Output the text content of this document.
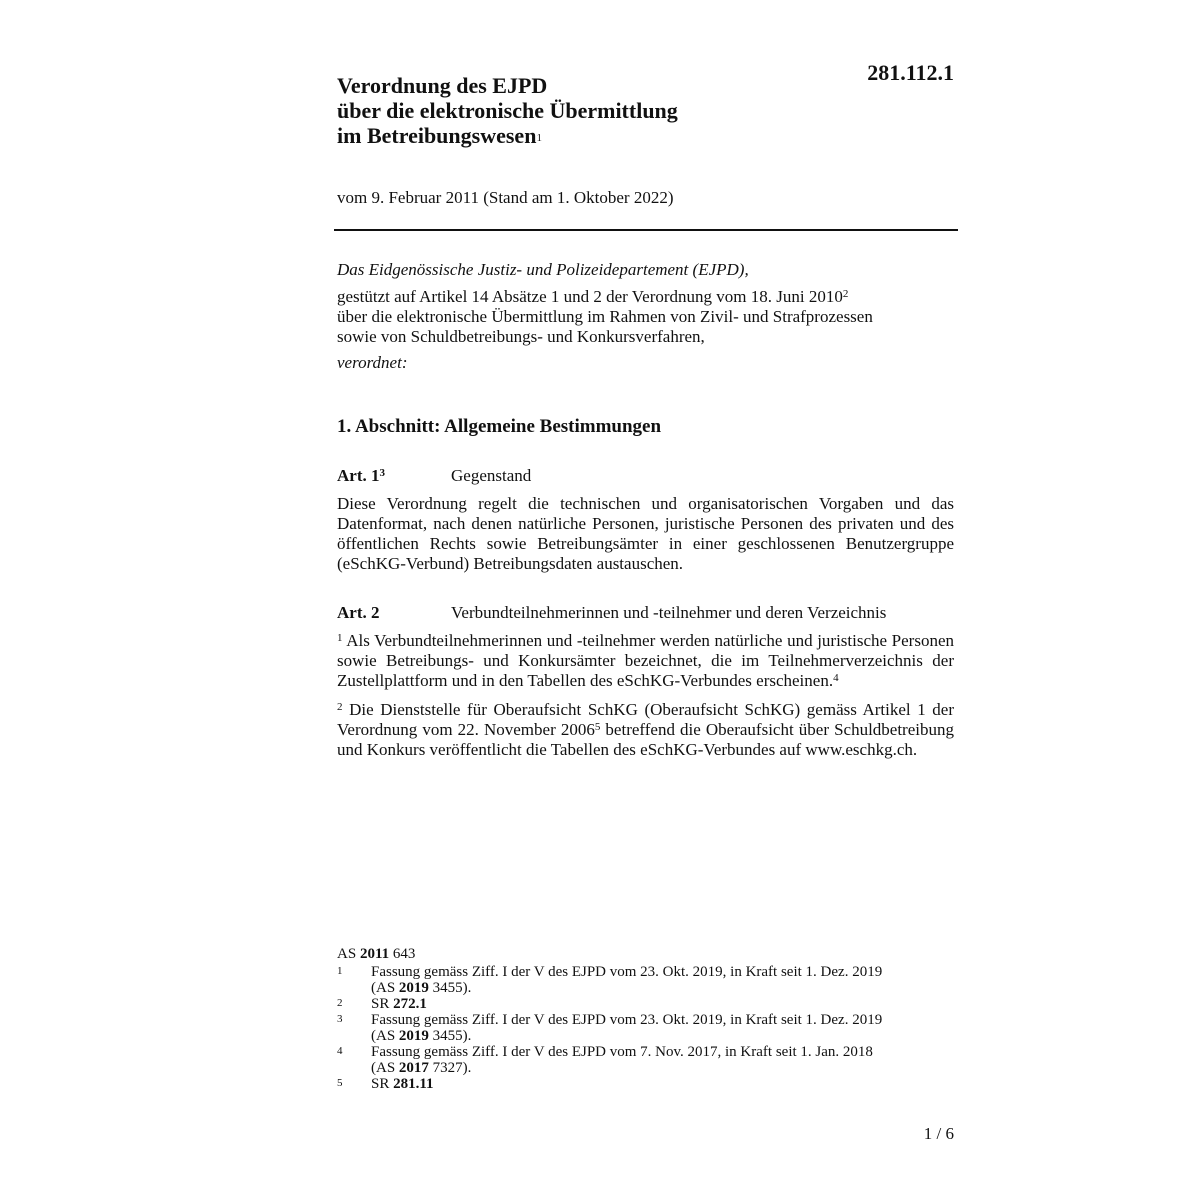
281.112.1
Verordnung des EJPD
über die elektronische Übermittlung
im Betreibungswesen$^1$
vom 9. Februar 2011 (Stand am 1. Oktober 2022)
Das Eidgenössische Justiz- und Polizeidepartement (EJPD),
gestützt auf Artikel 14 Absätze 1 und 2 der Verordnung vom 18. Juni 2010$^2$
über die elektronische Übermittlung im Rahmen von Zivil- und Strafprozessen
sowie von Schuldbetreibungs- und Konkursverfahren,
verordnet:
1. Abschnitt: Allgemeine Bestimmungen
Art. $1^3$	Gegenstand
Diese Verordnung regelt die technischen und organisatorischen Vorgaben und das Datenformat, nach denen natürliche Personen, juristische Personen des privaten und des öffentlichen Rechts sowie Betreibungsämter in einer geschlossenen Benutzergruppe (eSchKG-Verbund) Betreibungsdaten austauschen.
Art. 2	Verbundteilnehmerinnen und -teilnehmer und deren Verzeichnis
$^1$ Als Verbundteilnehmerinnen und -teilnehmer werden natürliche und juristische Personen sowie Betreibungs- und Konkursämter bezeichnet, die im Teilnehmerverzeichnis der Zustellplattform und in den Tabellen des eSchKG-Verbundes erscheinen.$^4$
$^2$ Die Dienststelle für Oberaufsicht SchKG (Oberaufsicht SchKG) gemäss Artikel 1 der Verordnung vom 22. November 2006$^5$ betreffend die Oberaufsicht über Schuldbetreibung und Konkurs veröffentlicht die Tabellen des eSchKG-Verbundes auf www.eschkg.ch.
AS 2011 643
1	Fassung gemäss Ziff. I der V des EJPD vom 23. Okt. 2019, in Kraft seit 1. Dez. 2019
(AS 2019 3455).
2	SR 272.1
3	Fassung gemäss Ziff. I der V des EJPD vom 23. Okt. 2019, in Kraft seit 1. Dez. 2019
(AS 2019 3455).
4	Fassung gemäss Ziff. I der V des EJPD vom 7. Nov. 2017, in Kraft seit 1. Jan. 2018
(AS 2017 7327).
5	SR 281.11
1 / 6
